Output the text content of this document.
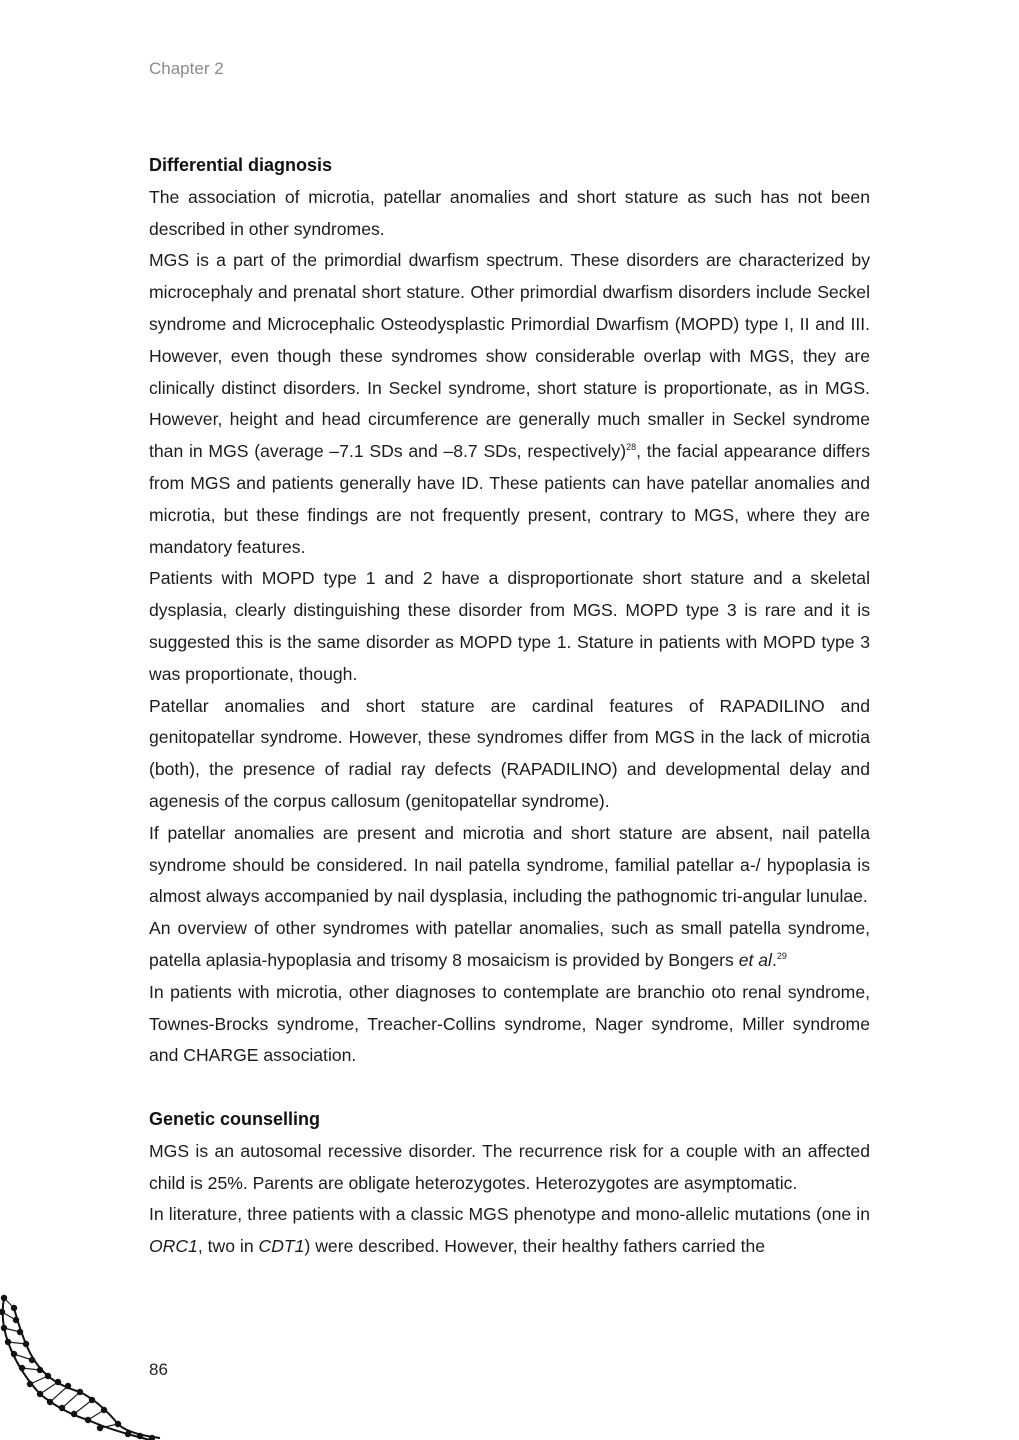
Chapter 2
Differential diagnosis

The association of microtia, patellar anomalies and short stature as such has not been described in other syndromes.

MGS is a part of the primordial dwarfism spectrum. These disorders are characterized by microcephaly and prenatal short stature. Other primordial dwarfism disorders include Seckel syndrome and Microcephalic Osteodysplastic Primordial Dwarfism (MOPD) type I, II and III. However, even though these syndromes show considerable overlap with MGS, they are clinically distinct disorders. In Seckel syndrome, short stature is proportionate, as in MGS. However, height and head circumference are generally much smaller in Seckel syndrome than in MGS (average –7.1 SDs and –8.7 SDs, respectively)$^{28}$, the facial appearance differs from MGS and patients generally have ID. These patients can have patellar anomalies and microtia, but these findings are not frequently present, contrary to MGS, where they are mandatory features.

Patients with MOPD type 1 and 2 have a disproportionate short stature and a skeletal dysplasia, clearly distinguishing these disorder from MGS. MOPD type 3 is rare and it is suggested this is the same disorder as MOPD type 1. Stature in patients with MOPD type 3 was proportionate, though.

Patellar anomalies and short stature are cardinal features of RAPADILINO and genitopatellar syndrome. However, these syndromes differ from MGS in the lack of microtia (both), the presence of radial ray defects (RAPADILINO) and developmental delay and agenesis of the corpus callosum (genitopatellar syndrome).

If patellar anomalies are present and microtia and short stature are absent, nail patella syndrome should be considered. In nail patella syndrome, familial patellar a-/ hypoplasia is almost always accompanied by nail dysplasia, including the pathognomic tri-angular lunulae.

An overview of other syndromes with patellar anomalies, such as small patella syndrome, patella aplasia-hypoplasia and trisomy 8 mosaicism is provided by Bongers et al.$^{29}$

In patients with microtia, other diagnoses to contemplate are branchio oto renal syndrome, Townes-Brocks syndrome, Treacher-Collins syndrome, Nager syndrome, Miller syndrome and CHARGE association.

Genetic counselling

MGS is an autosomal recessive disorder. The recurrence risk for a couple with an affected child is 25%. Parents are obligate heterozygotes. Heterozygotes are asymptomatic.

In literature, three patients with a classic MGS phenotype and mono-allelic mutations (one in ORC1, two in CDT1) were described. However, their healthy fathers carried the

86
